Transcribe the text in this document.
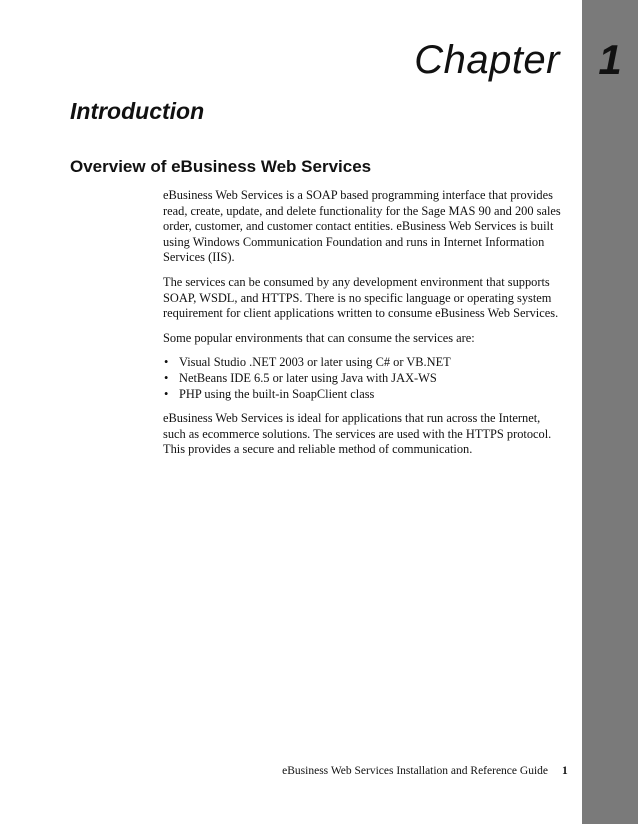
Chapter 1
Introduction
Overview of eBusiness Web Services

eBusiness Web Services is a SOAP based programming interface that provides read, create, update, and delete functionality for the Sage MAS 90 and 200 sales order, customer, and customer contact entities. eBusiness Web Services is built using Windows Communication Foundation and runs in Internet Information Services (IIS).

The services can be consumed by any development environment that supports SOAP, WSDL, and HTTPS. There is no specific language or operating system requirement for client applications written to consume eBusiness Web Services.

Some popular environments that can consume the services are:

• Visual Studio .NET 2003 or later using C# or VB.NET
• NetBeans IDE 6.5 or later using Java with JAX-WS
• PHP using the built-in SoapClient class

eBusiness Web Services is ideal for applications that run across the Internet, such as ecommerce solutions. The services are used with the HTTPS protocol. This provides a secure and reliable method of communication.

eBusiness Web Services Installation and Reference Guide 1
